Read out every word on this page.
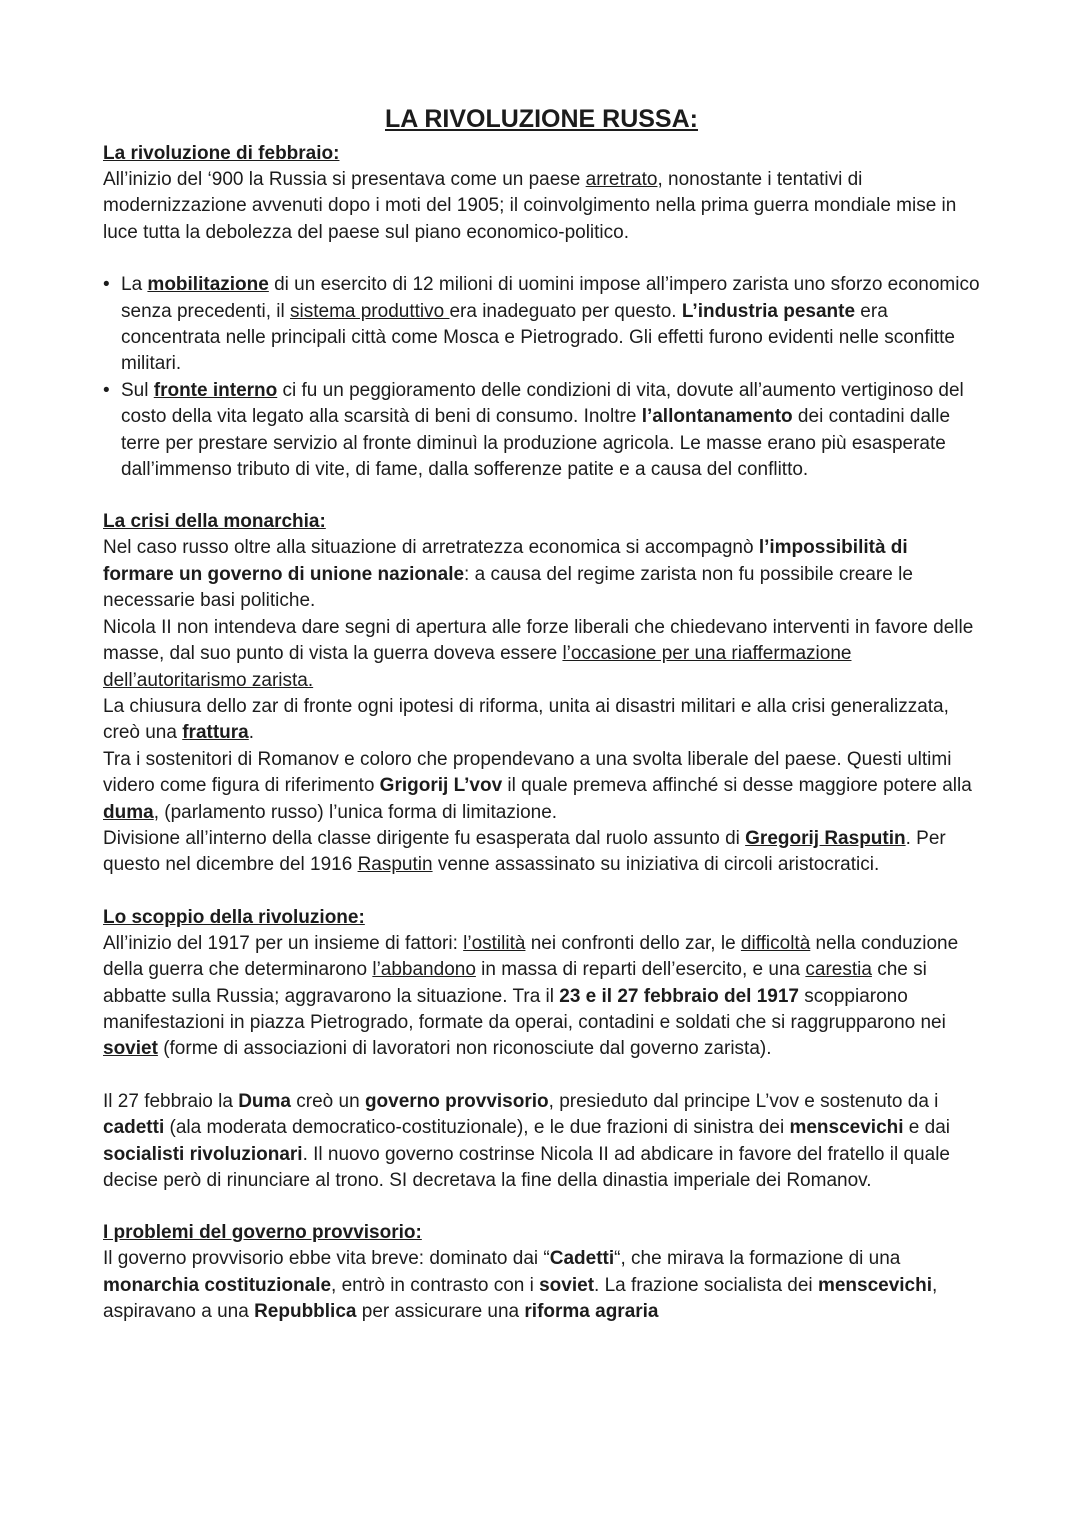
LA RIVOLUZIONE RUSSA:
La rivoluzione di febbraio:

All’inizio del ‘900 la Russia si presentava come un paese arretrato, nonostante i tentativi di modernizzazione avvenuti dopo i moti del 1905; il coinvolgimento nella prima guerra mondiale mise in luce tutta la debolezza del paese sul piano economico-politico.

• La mobilitazione di un esercito di 12 milioni di uomini impose all’impero zarista uno sforzo economico senza precedenti, il sistema produttivo era inadeguato per questo. L’industria pesante era concentrata nelle principali città come Mosca e Pietrogrado. Gli effetti furono evidenti nelle sconfitte militari.
• Sul fronte interno ci fu un peggioramento delle condizioni di vita, dovute all’aumento vertiginoso del costo della vita legato alla scarsità di beni di consumo. Inoltre l’allontanamento dei contadini dalle terre per prestare servizio al fronte diminuì la produzione agricola. Le masse erano più esasperate dall’immenso tributo di vite, di fame, dalla sofferenze patite e a causa del conflitto.
La crisi della monarchia:

Nel caso russo oltre alla situazione di arretratezza economica si accompagnò l’impossibilità di formare un governo di unione nazionale: a causa del regime zarista non fu possibile creare le necessarie basi politiche.

Nicola II non intendeva dare segni di apertura alle forze liberali che chiedevano interventi in favore delle masse, dal suo punto di vista la guerra doveva essere l’occasione per una riaffermazione dell’autoritarismo zarista.

La chiusura dello zar di fronte ogni ipotesi di riforma, unita ai disastri militari e alla crisi generalizzata, creò una frattura.

Tra i sostenitori di Romanov e coloro che propendevano a una svolta liberale del paese. Questi ultimi videro come figura di riferimento Grigorij L’vov il quale premeva affinché si desse maggiore potere alla duma, (parlamento russo) l’unica forma di limitazione.

Divisione all’interno della classe dirigente fu esasperata dal ruolo assunto di Gregorij Rasputin. Per questo nel dicembre del 1916 Rasputin venne assassinato su iniziativa di circoli aristocratici.

Lo scoppio della rivoluzione:

All’inizio del 1917 per un insieme di fattori: l’ostilità nei confronti dello zar, le difficoltà nella conduzione della guerra che determinarono l’abbandono in massa di reparti dell’esercito, e una carestia che si abbatte sulla Russia; aggravarono la situazione. Tra il 23 e il 27 febbraio del 1917 scoppiarono manifestazioni in piazza Pietrogrado, formate da operai, contadini e soldati che si raggrupparono nei soviet (forme di associazioni di lavoratori non riconosciute dal governo zarista).

Il 27 febbraio la Duma creò un governo provvisorio, presieduto dal principe L’vov e sostenuto da i cadetti (ala moderata democratico-costituzionale), e le due frazioni di sinistra dei menscevichi e dai socialisti rivoluzionari. Il nuovo governo costrinse Nicola II ad abdicare in favore del fratello il quale decise però di rinunciare al trono. SI decretava la fine della dinastia imperiale dei Romanov.

I problemi del governo provvisorio:

Il governo provvisorio ebbe vita breve: dominato dai “Cadetti“, che mirava la formazione di una monarchia costituzionale, entrò in contrasto con i soviet. La frazione socialista dei menscevichi, aspiravano a una Repubblica per assicurare una riforma agraria
